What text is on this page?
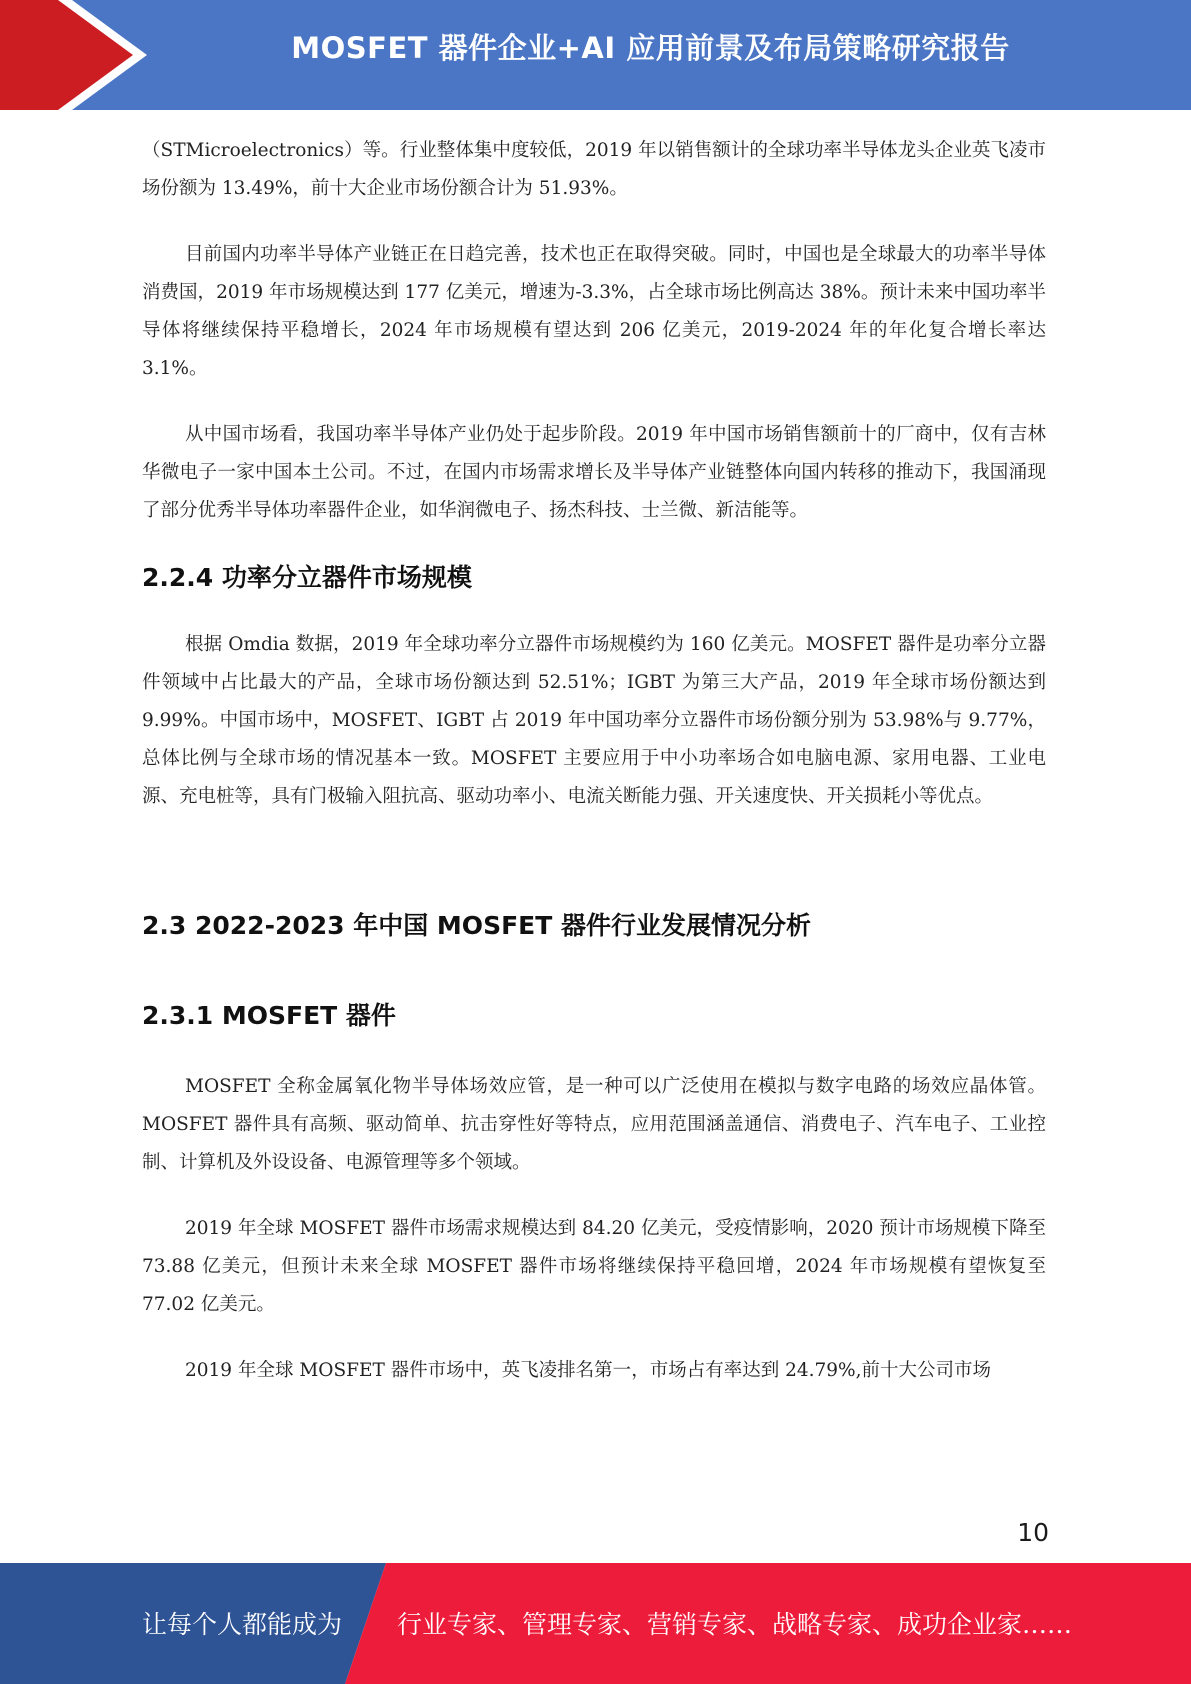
MOSFET 器件企业+AI 应用前景及布局策略研究报告

（STMicroelectronics）等。行业整体集中度较低，2019 年以销售额计的全球功率半导体龙头企业英飞凌市场份额为 13.49%，前十大企业市场份额合计为 51.93%。

目前国内功率半导体产业链正在日趋完善，技术也正在取得突破。同时，中国也是全球最大的功率半导体消费国，2019 年市场规模达到 177 亿美元，增速为-3.3%，占全球市场比例高达 38%。预计未来中国功率半导体将继续保持平稳增长，2024 年市场规模有望达到 206 亿美元，2019-2024 年的年化复合增长率达 3.1%。

从中国市场看，我国功率半导体产业仍处于起步阶段。2019 年中国市场销售额前十的厂商中，仅有吉林华微电子一家中国本土公司。不过，在国内市场需求增长及半导体产业链整体向国内转移的推动下，我国涌现了部分优秀半导体功率器件企业，如华润微电子、扬杰科技、士兰微、新洁能等。

2.2.4 功率分立器件市场规模

根据 Omdia 数据，2019 年全球功率分立器件市场规模约为 160 亿美元。MOSFET 器件是功率分立器件领域中占比最大的产品，全球市场份额达到 52.51%；IGBT 为第三大产品，2019 年全球市场份额达到 9.99%。中国市场中，MOSFET、IGBT 占 2019 年中国功率分立器件市场份额分别为 53.98%与 9.77%，总体比例与全球市场的情况基本一致。MOSFET 主要应用于中小功率场合如电脑电源、家用电器、工业电源、充电桩等，具有门极输入阻抗高、驱动功率小、电流关断能力强、开关速度快、开关损耗小等优点。

2.3 2022-2023 年中国 MOSFET 器件行业发展情况分析
2.3.1 MOSFET 器件

MOSFET 全称金属氧化物半导体场效应管，是一种可以广泛使用在模拟与数字电路的场效应晶体管。MOSFET 器件具有高频、驱动简单、抗击穿性好等特点，应用范围涵盖通信、消费电子、汽车电子、工业控制、计算机及外设设备、电源管理等多个领域。

2019 年全球 MOSFET 器件市场需求规模达到 84.20 亿美元，受疫情影响，2020 预计市场规模下降至 73.88 亿美元，但预计未来全球 MOSFET 器件市场将继续保持平稳回增，2024 年市场规模有望恢复至 77.02 亿美元。

2019 年全球 MOSFET 器件市场中，英飞凌排名第一，市场占有率达到 24.79%,前十大公司市场

10
让每个人都能成为 行业专家、管理专家、营销专家、战略专家、成功企业家……
